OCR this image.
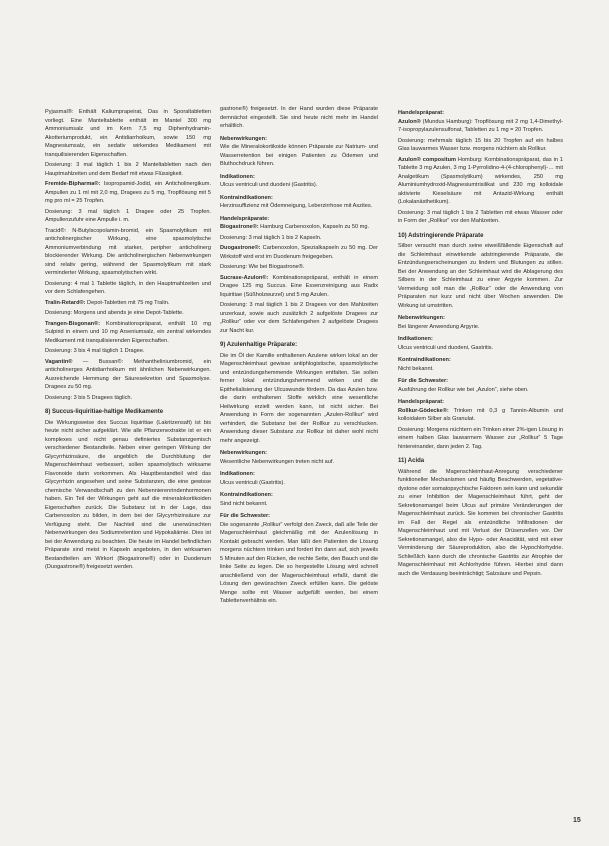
Pyjasmal®: Enthält Kaliumprapeirat, Das in Sporaltabletten vorliegt. Eine Manteltablette enthält im Mantel 300 mg Ammoniumsalz und im Kern 7,5 mg Diphenhydramin-Akotteriumprodukt, ein Antidiarrhoikum, sowie 150 mg Magnesiumsalz, ein sedativ wirkendes Medikament mit tranquilisierenden Eigenschaften.

Dosierung: 3 mal täglich 1 bis 2 Manteltabletten nach den Hauptmahlzeiten und dem Bedarf mit etwas Flüssigkeit.

Fremide-Bipharma®: Isopropamid-Jodid, ein Anticholinergikum. Ampullen zu 1 ml mit 2,0 mg, Dragees zu 5 mg, Tropflösung mit 5 mg pro ml = 25 Tropfen.

Dosierung: 3 mal täglich 1 Dragee oder 25 Tropfen. Ampullenzufuhr eine Ampulle i. m.

Tracid®: N-Butylscopolamin-bromid, ein Spasmolytikum mit anticholinergischer Wirkung, eine spasmolytische Ammoniumverbindung mit starker, peripher anticholinerg blockierender Wirkung. Die anticholinergischen Nebenwirkungen sind relativ gering, während der Spasmolytikum mit stark verminderter Wirkung, spasmolytischen wirkt.

Dosierung: 4 mal 1 Tablette täglich, in den Hauptmahlzeiten und vor dem Schlafengehen.

Tralin-Retard®: Depot-Tabletten mit 75 mg Tralin.

Dosierung: Morgens und abends je eine Depot-Tablette.

Trangen-Bisgonan®: Kombinationspräparat, enthält 10 mg Sulpirid in einem und 10 mg Arseniumsalz, ein zentral wirkendes Medikament mit tranquilisierenden Eigenschaften.

Dosierung: 3 bis 4 mal täglich 1 Dragee.

Vagantin® — Bussan®: Methantheliniumbromid, ein anticholinerges Antidiarrhoikum mit ähnlichen Nebenwirkungen. Ausreichende Hemmung der Säuresekretion und Spasmolyse. Dragees zu 50 mg.

Dosierung: 3 bis 5 Dragees täglich.

8) Succus-liquiritiae-haltige Medikamente

Die Wirkungsweise des Succus liquiritiae (Lakritzensaft) ist bis heute nicht sicher aufgeklärt. Wie alle Pflanzenextrakte ist er ein komplexes und nicht genau definiertes Substanzgemisch verschiedener Bestandteile. Neben einer geringen Wirkung der Glycyrrhizinsäure, die angeblich die Durchblutung der Magenschleimhaut verbessert, sollen spasmolytisch wirksame Flavonoide darin vorkommen. Als Hauptbestandteil wird das Glycyrrhizin angesehen und seine Substanzen, die eine gewisse chemische Verwandtschaft zu den Nebennierenrindenhormonen haben. Ein Teil der Wirkungen geht auf die mineralokortikoiden Eigenschaften zurück. Die Substanz ist in der Lage, das Carbenoxolon zu bilden, in dem bei der Glycyrrhizinsäure zur Verfügung steht. Der Nachteil sind die unerwünschten Nebenwirkungen des Sodiumretention und Hypokaliämie. Dies ist bei der Anwendung zu beachten. Die heute im Handel befindlichen Präparate sind meist in Kapseln angeboten, in den wirksamen Bestandteilen am Wirkort (Biogastrone®) oder in Duodenum (Duogastrone®) freigesetzt werden.

gastrone®) freigesetzt. In der Hand wurden diese Präparate demnächst eingestellt. Sie sind heute nicht mehr im Handel erhältlich.

Nebenwirkungen:

Wie die Mineralokortikoide können Präparate zur Natrium- und Wasserretention bei einigen Patienten zu Ödemen und Bluthochdruck führen.

Indikationen:

Ulcus ventriculi und duodeni (Gastritis).

Kontraindikationen:

Herzinsuffizienz mit Ödemneigung, Leberzirrhose mit Aszites.

Handelspräparate:

Biogastrone®: Hamburg Carbenoxolon, Kapseln zu 50 mg.

Dosierung: 3 mal täglich 1 bis 2 Kapseln.

Duogastrone®: Carbenoxolon, Spezialkapseln zu 50 mg. Der Wirkstoff wird erst im Duodenum freigegeben.

Dosierung: Wie bei Biogastrone®.

Sucrase-Azulon®: Kombinationspräparat, enthält in einem Dragee 125 mg Succus. Eine Essenzreinigung aus Radix liquiritiae (Süßholzwurzel) und 5 mg Azulen.

Dosierung: 3 mal täglich 1 bis 2 Dragees vor den Mahlzeiten unzerkaut, sowie auch zusätzlich 2 aufgelöste Dragees zur „Rollkur“ oder vor dem Schlafengehen 2 aufgelöste Dragees zur Nacht kur.

9) Azulenhaltige Präparate:

Die im Öl der Kamille enthaltenen Azulene wirken lokal an der Magenschleimhaut gewisse antiphlogistische, spasmolytische und entzündungshemmende Wirkungen entfalten. Sie sollen ferner lokal entzündungshemmend wirken und die Epithelialisierung der Ulcuswunde fördern. Da das Azulen bzw. die darin enthaltenen Stoffe wirklich eine wesentliche Heilwirkung erzielt werden kann, ist nicht sicher. Bei Anwendung in Form der sogenannten „Azulen-Rollkur“ wird verhindert, die Substanz bei der Rollkur zu verschlucken. Anwendung dieser Substanz zur Rollkur ist daher wohl nicht mehr angezeigt.

Nebenwirkungen:

Wesentliche Nebenwirkungen treten nicht auf.

Indikationen:

Ulcus ventriculi (Gastritis).

Kontraindikationen:

Sind nicht bekannt.

Für die Schwester:

Die sogenannte „Rollkur“ verfolgt den Zweck, daß alle Teile der Magenschleimhaut gleichmäßig mit der Azulenlösung in Kontakt gebracht werden. Man läßt den Patienten die Lösung morgens nüchtern trinken und fordert ihn dann auf, sich jeweils 5 Minuten auf den Rücken, die rechte Seite, den Bauch und die linke Seite zu legen. Die so hergestellte Lösung wird schnell anschließend von der Magenschleimhaut erfaßt, damit die Lösung den gewünschten Zweck erfüllen kann. Die gelöste Menge sollte mit Wasser aufgefüllt werden, bei einem Tablettenverhältnis ein.

Handelspräparat:

Azulon® (Mundus Hamburg): Tropflösung mit 2 mg 1,4-Dimethyl-7-isopropylazulensulfonat, Tabletten zu 1 mg = 20 Tropfen.

Dosierung: mehrmals täglich 15 bis 20 Tropfen auf ein halbes Glas lauwarmes Wasser bzw. morgens nüchtern als Rollkur.

Azulon® compositum Homburg: Kombinationspräparat, das in 1 Tablette 3 mg Azulen, 3 mg 1-Pyrrolidino-4-(4-chlorophenyl)-… mit Analgetikum (Spasmolytikum) wirkendes, 250 mg Aluminiumhydroxid-Magnesiumtrisilikat und 230 mg kolloidale aktivierte Kieselsäure mit Antazid-Wirkung enthält (Lokalanästhetikum).

Dosierung: 3 mal täglich 1 bis 2 Tabletten mit etwas Wasser oder in Form der „Rollkur“ vor den Mahlzeiten.

10) Adstringierende Präparate

Silber versucht man durch seine eiweißfällende Eigenschaft auf die Schleimhaut einwirkende adstringierende Präparate, die Entzündungserscheinungen zu lindern und Blutungen zu stillen. Bei der Anwendung an der Schleimhaut wird die Ablagerung des Silbers in der Schleimhaut zu einer Argyrie kommen. Zur Vermeidung soll man die „Rollkur“ oder die Anwendung von Präparaten nur kurz und nicht über Wochen anwenden. Die Wirkung ist umstritten.

Nebenwirkungen:

Bei längerer Anwendung Argyrie.

Indikationen:

Ulcus ventriculi und duodeni, Gastritis.

Kontraindikationen:

Nicht bekannt.

Für die Schwester:

Ausführung der Rollkur wie bei „Azulon“, siehe oben.

Handelspräparat:

Rollkur-Gödecke®: Trinken mit 0,3 g Tannin-Albumin und kolloidalem Silber als Granulat.

Dosierung: Morgens nüchtern ein Trinken einer 2%-igen Lösung in einem halben Glas lauwarmem Wasser zur „Rollkur“ 5 Tage hintereinander, dann jeden 2. Tag.

11) Acida

Während die Magenschleimhaut-Anregung verschiedener funktioneller Mechanismen und häufig Beschwerden, vegetative-dystone oder somatopsychische Faktoren sein kann und sekundär zu einer Inhibition der Magenschleimhaut führt, geht der Sekretionsmangel beim Ulcus auf primäre Veränderungen der Magenschleimhaut zurück. Sie kommen bei chronischer Gastritis im Fall der Regel als entzündliche Infiltrationen der Magenschleimhaut und mit Verlust der Drüsenzellen vor. Der Sekretionsmangel, also die Hypo- oder Anacidität, wird mit einer Verminderung der Säureproduktion, also die Hypochlorhydrie. Schließlich kann durch die chronische Gastritis zur Atrophie der Magenschleimhaut mit Achlorhydrie führen. Hierbei sind dann auch die Verdauung beeinträchtigt; Salzsäure und Pepsin.

15
